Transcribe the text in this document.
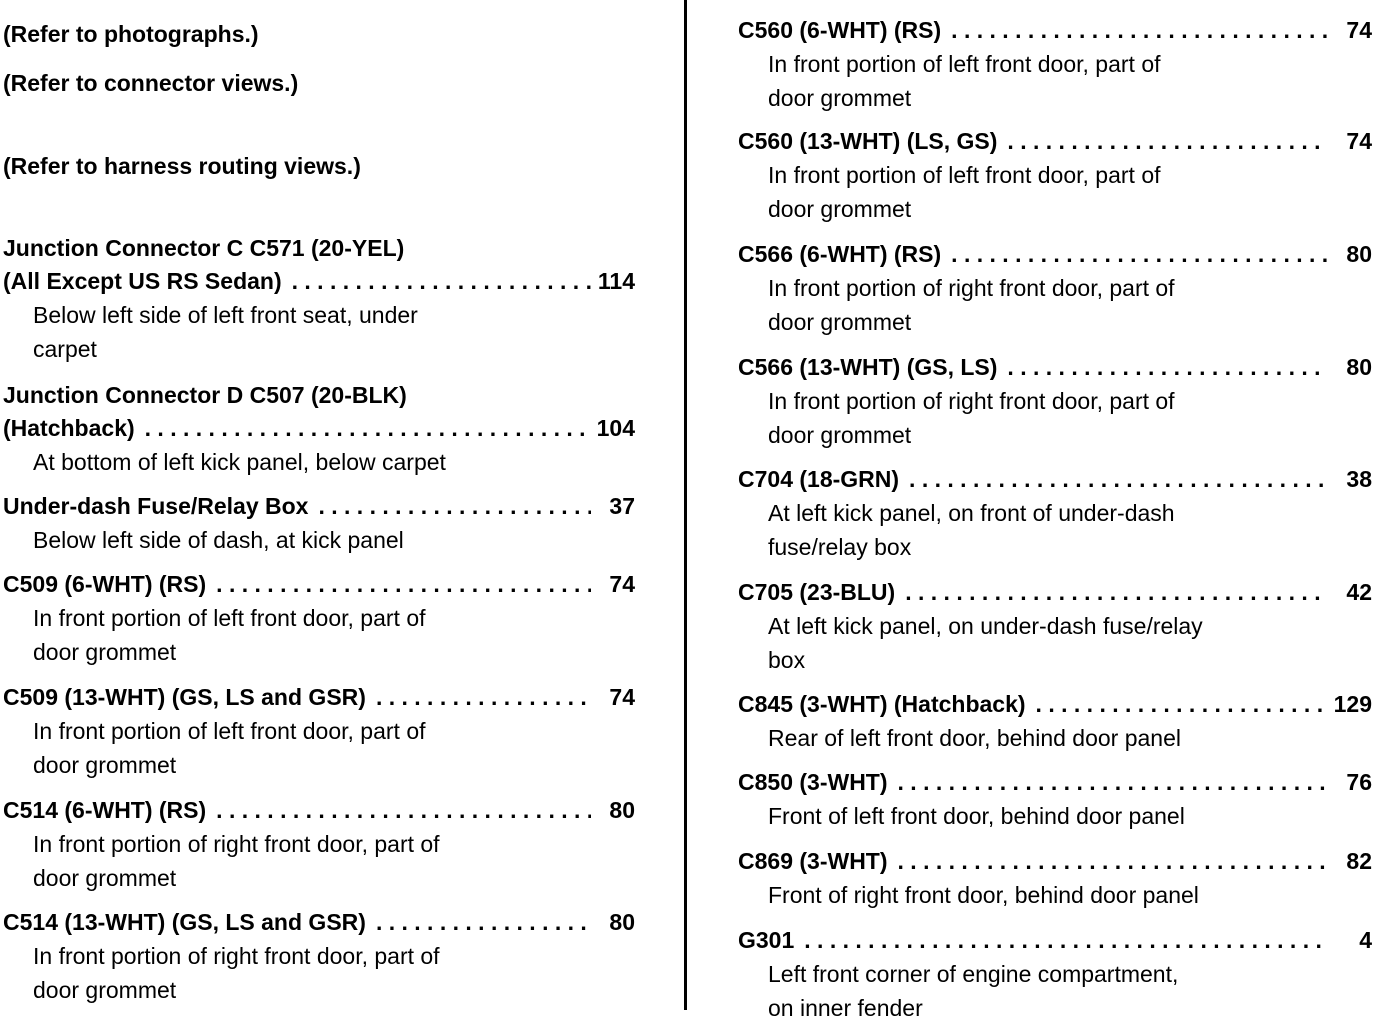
(Refer to photographs.)
(Refer to connector views.)
(Refer to harness routing views.)
Junction Connector C C571 (20-YEL)
(All Except US RS Sedan) . . .	114
Below left side of left front seat, under
carpet
Junction Connector D C507 (20-BLK)
(Hatchback) . . .	104
At bottom of left kick panel, below carpet
Under-dash Fuse/Relay Box . . .	37
Below left side of dash, at kick panel
C509 (6-WHT) (RS) . . .	74
In front portion of left front door, part of
door grommet
C509 (13-WHT) (GS, LS and GSR) . . .	74
In front portion of left front door, part of
door grommet
C514 (6-WHT) (RS) . . .	80
In front portion of right front door, part of
door grommet
C514 (13-WHT) (GS, LS and GSR) . . .	80
In front portion of right front door, part of
door grommet
C560 (6-WHT) (RS) . . .	74
In front portion of left front door, part of
door grommet
C560 (13-WHT) (LS, GS) . . .	74
In front portion of left front door, part of
door grommet
C566 (6-WHT) (RS) . . .	80
In front portion of right front door, part of
door grommet
C566 (13-WHT) (GS, LS) . . .	80
In front portion of right front door, part of
door grommet
C704 (18-GRN) . . .	38
At left kick panel, on front of under-dash
fuse/relay box
C705 (23-BLU) . . .	42
At left kick panel, on under-dash fuse/relay
box
C845 (3-WHT) (Hatchback) . . .	129
Rear of left front door, behind door panel
C850 (3-WHT) . . .	76
Front of left front door, behind door panel
C869 (3-WHT) . . .	82
Front of right front door, behind door panel
G301 . . .	4
Left front corner of engine compartment,
on inner fender
